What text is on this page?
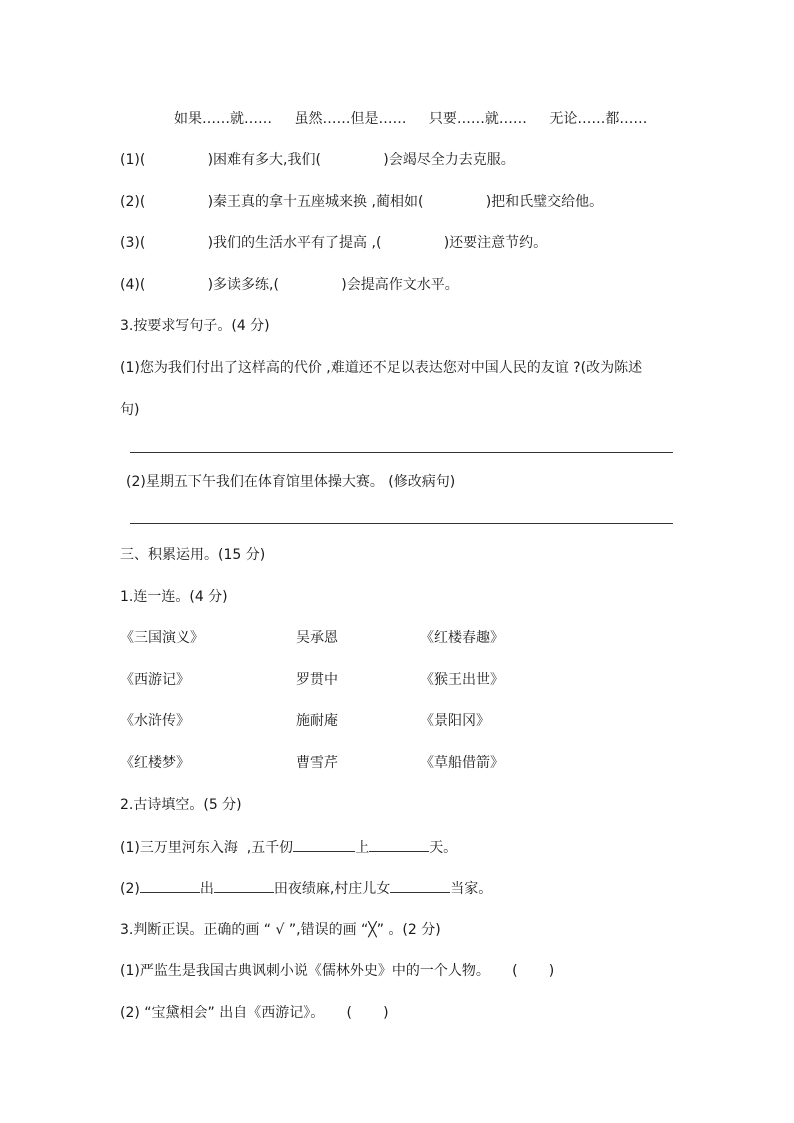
如果……就…… 虽然……但是…… 只要……就…… 无论……都……
(1)(              )困难有多大,我们(              )会竭尽全力去克服。
(2)(              )秦王真的拿十五座城来换 ,蔺相如(              )把和氏璧交给他。
(3)(              )我们的生活水平有了提高 ,(              )还要注意节约。
(4)(              )多读多练,(              )会提高作文水平。
3.按要求写句子。(4 分)
(1)您为我们付出了这样高的代价 ,难道还不足以表达您对中国人民的友谊 ?(改为陈述
句)
(2)星期五下午我们在体育馆里体操大赛。 (修改病句)
三、积累运用。(15 分)
1.连一连。(4 分)
《三国演义》	吴承恩	《红楼春趣》
《西游记》	罗贯中	《猴王出世》
《水浒传》	施耐庵	《景阳冈》
《红楼梦》	曹雪芹	《草船借箭》
2.古诗填空。(5 分)
(1)三万里河东入海  ,五千仞	上	天。
(2)	出	田夜绩麻,村庄儿女	当家。
3.判断正误。正确的画 “ √ ”,错误的画 “╳” 。(2 分)
(1)严监生是我国古典讽刺小说《儒林外史》中的一个人物。     (       )
(2) “宝黛相会” 出自《西游记》。     (       )
